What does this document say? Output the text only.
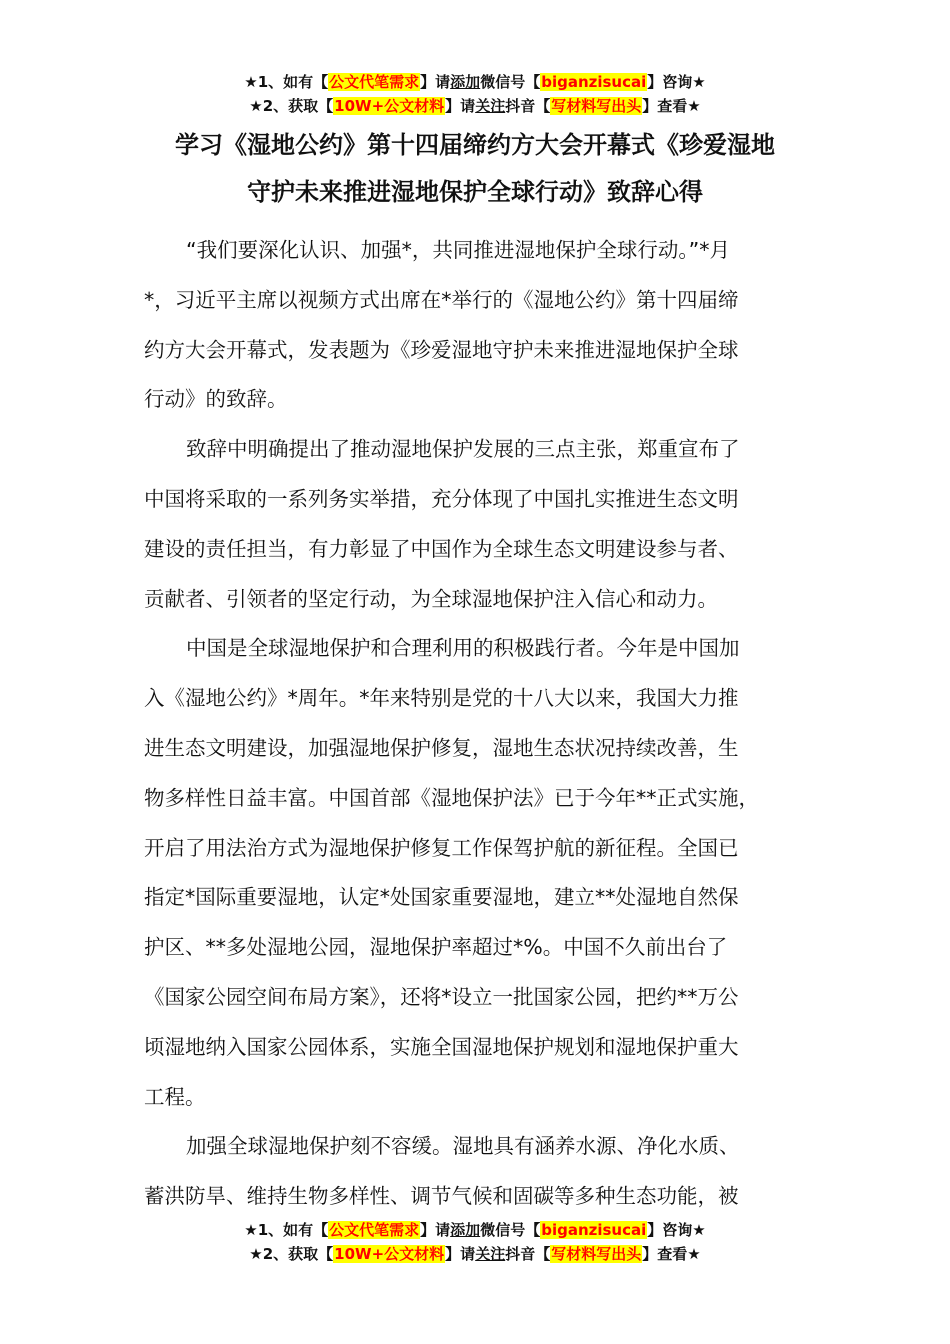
★1、如有【公文代笔需求】请添加微信号【biganzisucai】咨询★
★2、获取【10W+公文材料】请关注抖音【写材料写出头】查看★
学习《湿地公约》第十四届缔约方大会开幕式《珍爱湿地
守护未来推进湿地保护全球行动》致辞心得
“我们要深化认识、加强*，共同推进湿地保护全球行动。”*月
*，习近平主席以视频方式出席在*举行的《湿地公约》第十四届缔
约方大会开幕式，发表题为《珍爱湿地守护未来推进湿地保护全球
行动》的致辞。
致辞中明确提出了推动湿地保护发展的三点主张，郑重宣布了
中国将采取的一系列务实举措，充分体现了中国扎实推进生态文明
建设的责任担当，有力彰显了中国作为全球生态文明建设参与者、
贡献者、引领者的坚定行动，为全球湿地保护注入信心和动力。
中国是全球湿地保护和合理利用的积极践行者。今年是中国加
入《湿地公约》*周年。*年来特别是党的十八大以来，我国大力推
进生态文明建设，加强湿地保护修复，湿地生态状况持续改善，生
物多样性日益丰富。中国首部《湿地保护法》已于今年**正式实施，
开启了用法治方式为湿地保护修复工作保驾护航的新征程。全国已
指定*国际重要湿地，认定*处国家重要湿地，建立**处湿地自然保
护区、**多处湿地公园，湿地保护率超过*%。中国不久前出台了
《国家公园空间布局方案》，还将*设立一批国家公园，把约**万公
顷湿地纳入国家公园体系，实施全国湿地保护规划和湿地保护重大
工程。
加强全球湿地保护刻不容缓。湿地具有涵养水源、净化水质、
蓄洪防旱、维持生物多样性、调节气候和固碳等多种生态功能，被
★1、如有【公文代笔需求】请添加微信号【biganzisucai】咨询★
★2、获取【10W+公文材料】请关注抖音【写材料写出头】查看★
